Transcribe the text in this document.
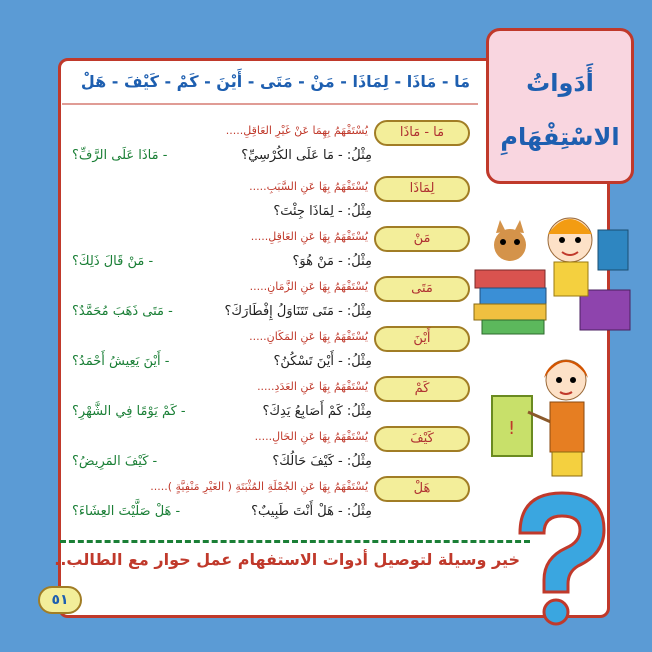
أَدَواتُ
الاسْتِفْهَامِ
مَا - مَاذَا - لِمَاذَا - مَنْ - مَتَى - أَيْنَ - كَمْ - كَيْفَ - هَلْ
مَا - مَاذَا
يُسْتَفْهَمُ بِهِمَا عَنْ غَيْرِ العَاقِلِ.....
مِثْلُ: - مَا عَلَى الكُرْسِيِّ؟
- مَاذَا عَلَى الرَّفِّ؟
لِمَاذَا
يُسْتَفْهَمُ بِهَا عَنِ السَّبَبِ.....
مِثْلُ: - لِمَاذَا جِئْتَ؟
مَنْ
يُسْتَفْهَمُ بِهَا عَنِ العَاقِلِ.....
مِثْلُ: - مَنْ هُوَ؟
- مَنْ قَالَ ذَلِكَ؟
مَتَى
يُسْتَفْهَمُ بِهَا عَنِ الزَّمَانِ.....
مِثْلُ: - مَتَى تَتَنَاوَلُ إِفْطَارَكَ؟
- مَتَى ذَهَبَ مُحَمَّدٌ؟
أَيْنَ
يُسْتَفْهَمُ بِهَا عَنِ المَكَانِ.....
مِثْلُ: - أَيْنَ تَسْكُنُ؟
- أَيْنَ يَعِيشُ أَحْمَدُ؟
كَمْ
يُسْتَفْهَمُ بِهَا عَنِ العَدَدِ.....
مِثْلُ: كَمْ أَصَابِعُ يَدِكَ؟
- كَمْ يَوْمًا فِي الشَّهْرِ؟
كَيْفَ
يُسْتَفْهَمُ بِهَا عَنِ الحَالِ.....
مِثْلُ: - كَيْفَ حَالُكَ؟
- كَيْفَ المَرِيضُ؟
هَلْ
يُسْتَفْهَمُ بِهَا عَنِ الجُمْلَةِ المُثْبَتَةِ ( الغَيْرِ مَنْفِيَّةٍ ).....
مِثْلُ: - هَلْ أَنْتَ طَبِيبٌ؟
- هَلْ صَلَّيْتَ العِشَاءَ؟
!
خير وسيلة لتوصيل أدوات الاستفهام عمل حوار مع الطالب..
٥١
